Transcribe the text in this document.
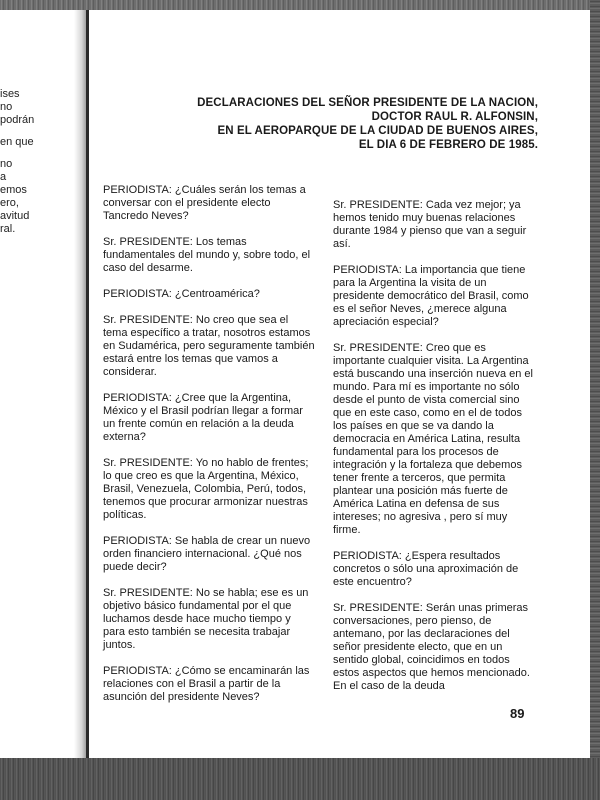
ises
no
podrán
en que
no
a
emos
ero,
avitud
ral.
DECLARACIONES DEL SEÑOR PRESIDENTE DE LA NACION,
DOCTOR RAUL R. ALFONSIN,
EN EL AEROPARQUE DE LA CIUDAD DE BUENOS AIRES,
EL DIA 6 DE FEBRERO DE 1985.

PERIODISTA: ¿Cuáles serán los temas a conversar con el presidente electo Tancredo Neves?

Sr. PRESIDENTE: Los temas fundamentales del mundo y, sobre todo, el caso del desarme.

PERIODISTA: ¿Centroamérica?

Sr. PRESIDENTE: No creo que sea el tema específico a tratar, nosotros estamos en Sudamérica, pero seguramente también estará entre los temas que vamos a considerar.

PERIODISTA: ¿Cree que la Argentina, México y el Brasil podrían llegar a formar un frente común en relación a la deuda externa?

Sr. PRESIDENTE: Yo no hablo de frentes; lo que creo es que la Argentina, México, Brasil, Venezuela, Colombia, Perú, todos, tenemos que procurar armonizar nuestras políticas.

PERIODISTA: Se habla de crear un nuevo orden financiero internacional. ¿Qué nos puede decir?

Sr. PRESIDENTE: No se habla; ese es un objetivo básico fundamental por el que luchamos desde hace mucho tiempo y para esto también se necesita trabajar juntos.

PERIODISTA: ¿Cómo se encaminarán las relaciones con el Brasil a partir de la asunción del presidente Neves?

Sr. PRESIDENTE: Cada vez mejor; ya hemos tenido muy buenas relaciones durante 1984 y pienso que van a seguir así.

PERIODISTA: La importancia que tiene para la Argentina la visita de un presidente democrático del Brasil, como es el señor Neves, ¿merece alguna apreciación especial?

Sr. PRESIDENTE: Creo que es importante cualquier visita. La Argentina está buscando una inserción nueva en el mundo. Para mí es importante no sólo desde el punto de vista comercial sino que en este caso, como en el de todos los países en que se va dando la democracia en América Latina, resulta fundamental para los procesos de integración y la fortaleza que debemos tener frente a terceros, que permita plantear una posición más fuerte de América Latina en defensa de sus intereses; no agresiva , pero sí muy firme.

PERIODISTA: ¿Espera resultados concretos o sólo una aproximación de este encuentro?

Sr. PRESIDENTE: Serán unas primeras conversaciones, pero pienso, de antemano, por las declaraciones del señor presidente electo, que en un sentido global, coincidimos en todos estos aspectos que hemos mencionado. En el caso de la deuda

89
